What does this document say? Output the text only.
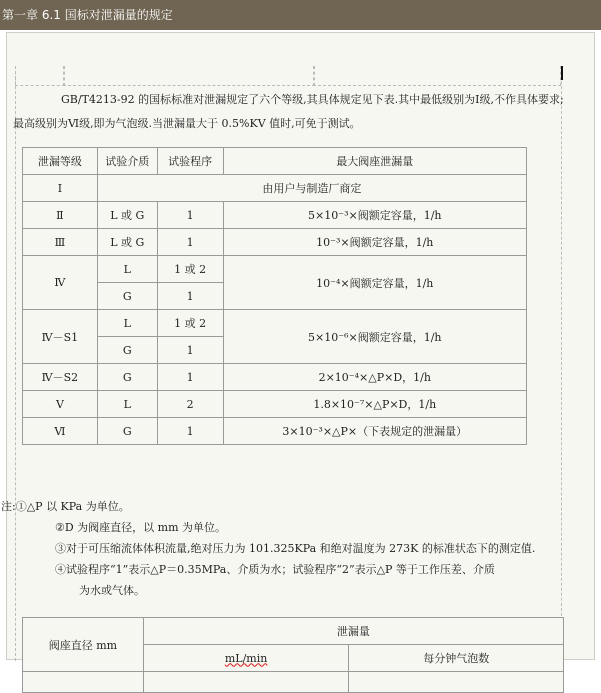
第一章 6.1 国标对泄漏量的规定
GB/T4213-92 的国标标准对泄漏规定了六个等级,其具体规定见下表.其中最低级别为Ⅰ级,不作具体要求;最高级别为Ⅵ级,即为气泡级.当泄漏量大于 0.5%KV 值时,可免于测试。
泄漏等级	试验介质	试验程序	最大阀座泄漏量
Ⅰ	由用户与制造厂商定		
Ⅱ	L 或 G	1	5×10⁻³×阀额定容量，1/h
Ⅲ	L 或 G	1	10⁻³×阀额定容量，1/h
Ⅳ	L	1 或 2	10⁻⁴×阀额定容量，1/h
	G	1	
Ⅳ－S1	L	1 或 2	5×10⁻⁶×阀额定容量，1/h
	G	1	
Ⅳ－S2	G	1	2×10⁻⁴×△P×D，1/h
Ⅴ	L	2	1.8×10⁻⁷×△P×D，1/h
Ⅵ	G	1	3×10⁻³×△P×（下表规定的泄漏量）
注:①△P 以 KPa 为单位。
②D 为阀座直径，以 mm 为单位。
③对于可压缩流体体积流量,绝对压力为 101.325KPa 和绝对温度为 273K 的标准状态下的测定值.
④试验程序“1”表示△P＝0.35MPa、介质为水；试验程序“2”表示△P 等于工作压差、介质
为水或气体。
阀座直径 mm	泄漏量	
	mL/min	每分钟气泡数
